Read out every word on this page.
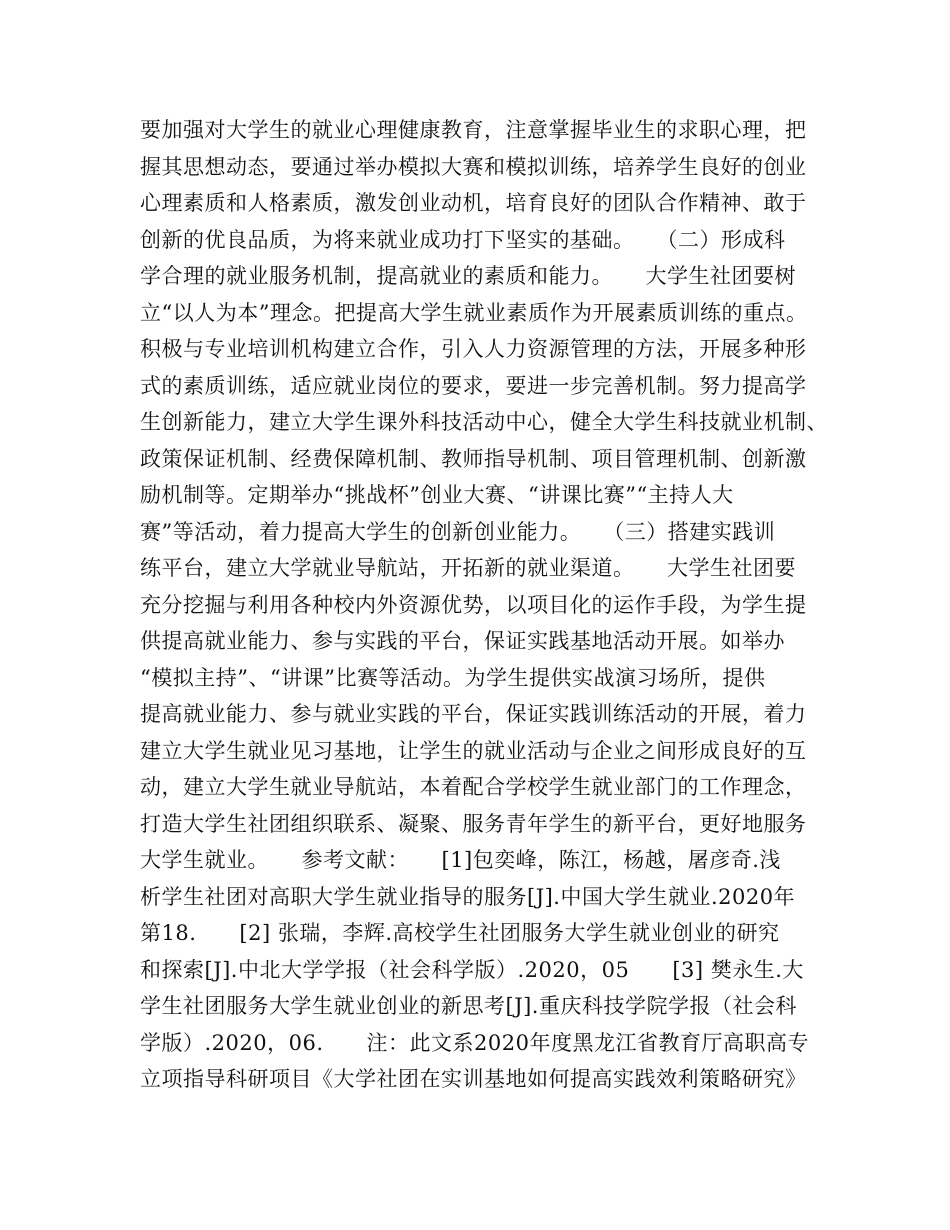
要加强对大学生的就业心理健康教育，注意掌握毕业生的求职心理，把
握其思想动态，要通过举办模拟大赛和模拟训练，培养学生良好的创业
心理素质和人格素质，激发创业动机，培育良好的团队合作精神、敢于
创新的优良品质，为将来就业成功打下坚实的基础。　　（二）形成科
学合理的就业服务机制，提高就业的素质和能力。　　大学生社团要树
立“以人为本”理念。把提高大学生就业素质作为开展素质训练的重点。
积极与专业培训机构建立合作，引入人力资源管理的方法，开展多种形
式的素质训练，适应就业岗位的要求，要进一步完善机制。努力提高学
生创新能力，建立大学生课外科技活动中心，健全大学生科技就业机制、
政策保证机制、经费保障机制、教师指导机制、项目管理机制、创新激
励机制等。定期举办“挑战杯”创业大赛、“讲课比赛”“主持人大
赛”等活动，着力提高大学生的创新创业能力。　　（三）搭建实践训
练平台，建立大学就业导航站，开拓新的就业渠道。　　大学生社团要
充分挖掘与利用各种校内外资源优势，以项目化的运作手段，为学生提
供提高就业能力、参与实践的平台，保证实践基地活动开展。如举办
“模拟主持”、“讲课”比赛等活动。为学生提供实战演习场所，提供
提高就业能力、参与就业实践的平台，保证实践训练活动的开展，着力
建立大学生就业见习基地，让学生的就业活动与企业之间形成良好的互
动，建立大学生就业导航站，本着配合学校学生就业部门的工作理念，
打造大学生社团组织联系、凝聚、服务青年学生的新平台，更好地服务
大学生就业。　　参考文献：　　[1]包奕峰，陈江，杨越，屠彦奇.浅
析学生社团对高职大学生就业指导的服务[J].中国大学生就业.2020年
第18.　　[2] 张瑞，李辉.高校学生社团服务大学生就业创业的研究
和探索[J].中北大学学报（社会科学版）.2020，05　　[3] 樊永生.大
学生社团服务大学生就业创业的新思考[J].重庆科技学院学报（社会科
学版）.2020，06.　　注：此文系2020年度黑龙江省教育厅高职高专
立项指导科研项目《大学社团在实训基地如何提高实践效利策略研究》
